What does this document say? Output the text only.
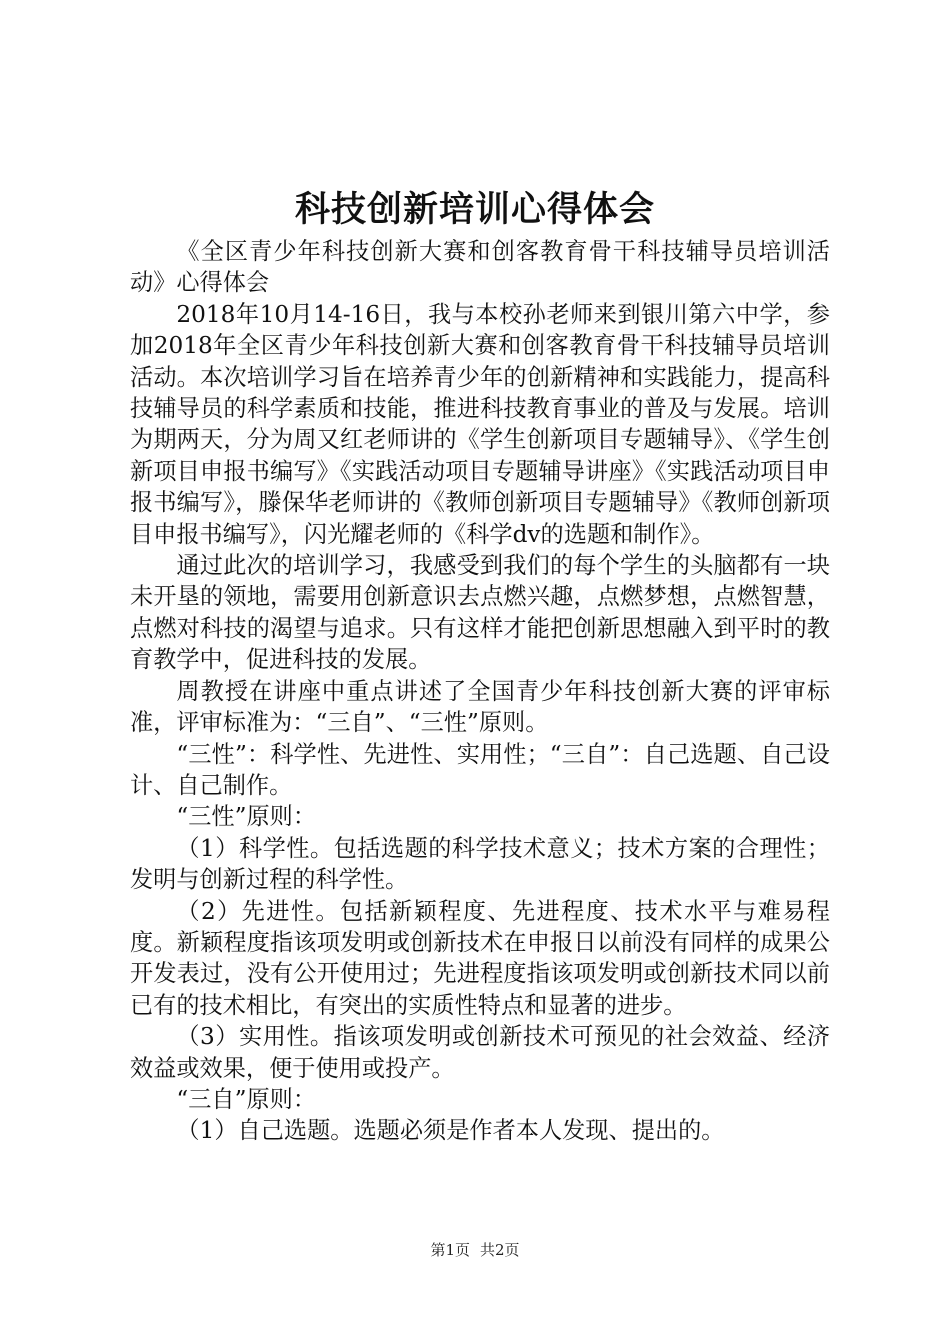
科技创新培训心得体会

《全区青少年科技创新大赛和创客教育骨干科技辅导员培训活动》心得体会

2018年10月14-16日，我与本校孙老师来到银川第六中学，参加2018年全区青少年科技创新大赛和创客教育骨干科技辅导员培训活动。本次培训学习旨在培养青少年的创新精神和实践能力，提高科技辅导员的科学素质和技能，推进科技教育事业的普及与发展。培训为期两天，分为周又红老师讲的《学生创新项目专题辅导》、《学生创新项目申报书编写》《实践活动项目专题辅导讲座》《实践活动项目申报书编写》，滕保华老师讲的《教师创新项目专题辅导》《教师创新项目申报书编写》，闪光耀老师的《科学dv的选题和制作》。

通过此次的培训学习，我感受到我们的每个学生的头脑都有一块未开垦的领地，需要用创新意识去点燃兴趣，点燃梦想，点燃智慧，点燃对科技的渴望与追求。只有这样才能把创新思想融入到平时的教育教学中，促进科技的发展。

周教授在讲座中重点讲述了全国青少年科技创新大赛的评审标准，评审标准为：“三自”、“三性”原则。

“三性”：科学性、先进性、实用性；“三自”：自己选题、自己设计、自己制作。

“三性”原则：

（1）科学性。包括选题的科学技术意义；技术方案的合理性；发明与创新过程的科学性。

（2）先进性。包括新颖程度、先进程度、技术水平与难易程度。新颖程度指该项发明或创新技术在申报日以前没有同样的成果公开发表过，没有公开使用过；先进程度指该项发明或创新技术同以前已有的技术相比，有突出的实质性特点和显著的进步。

（3）实用性。指该项发明或创新技术可预见的社会效益、经济效益或效果，便于使用或投产。

“三自”原则：

（1）自己选题。选题必须是作者本人发现、提出的。

第1页 共2页
